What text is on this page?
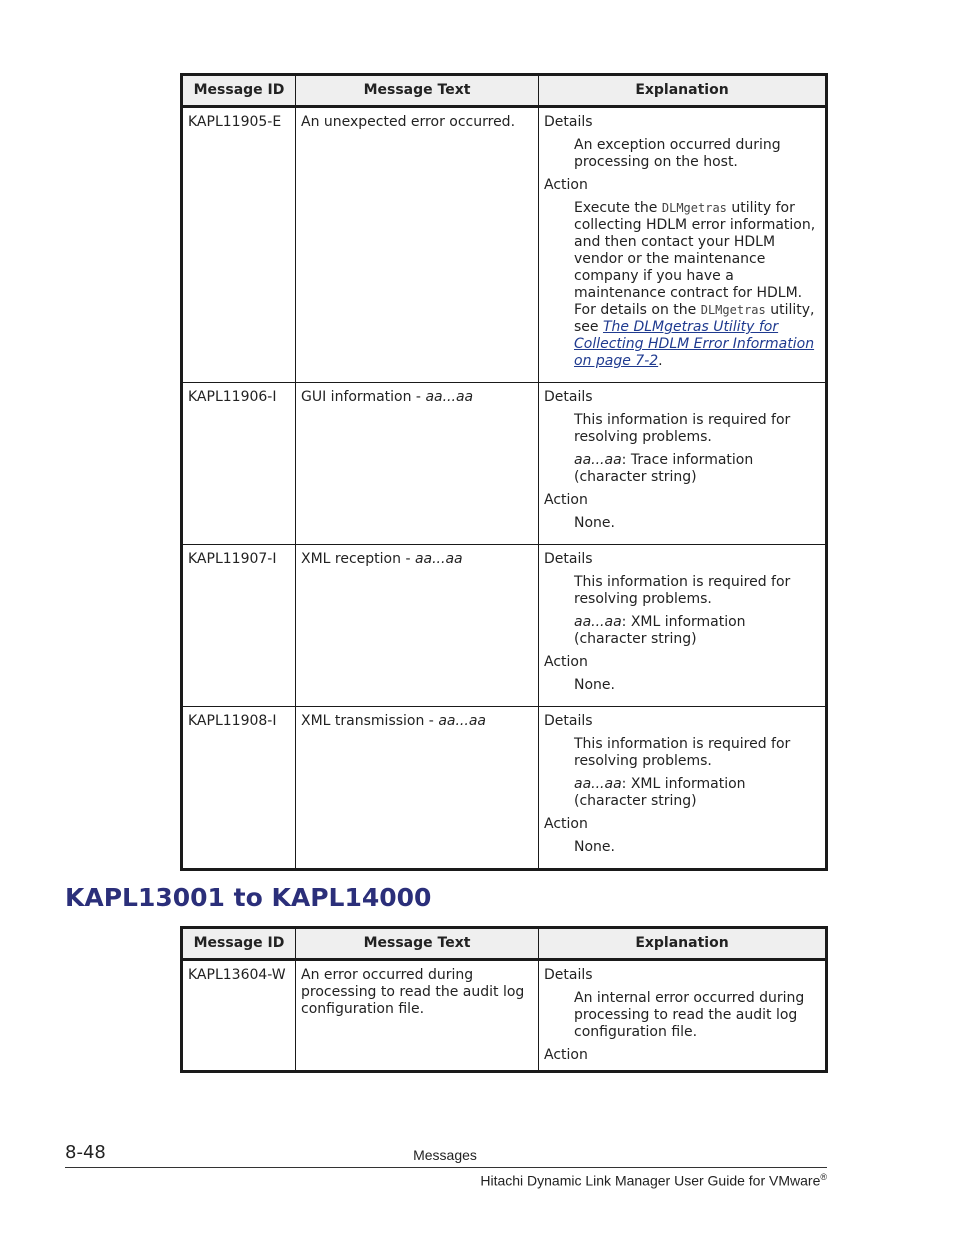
Message ID	Message Text	Explanation
KAPL11905-E	An unexpected error occurred.	Details

An exception occurred during processing on the host.

Action

Execute the DLMgetras utility for collecting HDLM error information, and then contact your HDLM vendor or the maintenance company if you have a maintenance contract for HDLM. For details on the DLMgetras utility, see The DLMgetras Utility for Collecting HDLM Error Information on page 7-2.

KAPL11906-I	GUI information - aa...aa	Details

This information is required for resolving problems.

aa...aa: Trace information (character string)

Action

None.

KAPL11907-I	XML reception - aa...aa	Details

This information is required for resolving problems.

aa...aa: XML information (character string)

Action

None.

KAPL11908-I	XML transmission - aa...aa	Details

This information is required for resolving problems.

aa...aa: XML information (character string)

Action

None.

KAPL13001 to KAPL14000
Message ID	Message Text	Explanation
KAPL13604-W	An error occurred during processing to read the audit log configuration file.	Details

An internal error occurred during processing to read the audit log configuration file.

Action

8-48	Messages
Hitachi Dynamic Link Manager User Guide for VMware®
